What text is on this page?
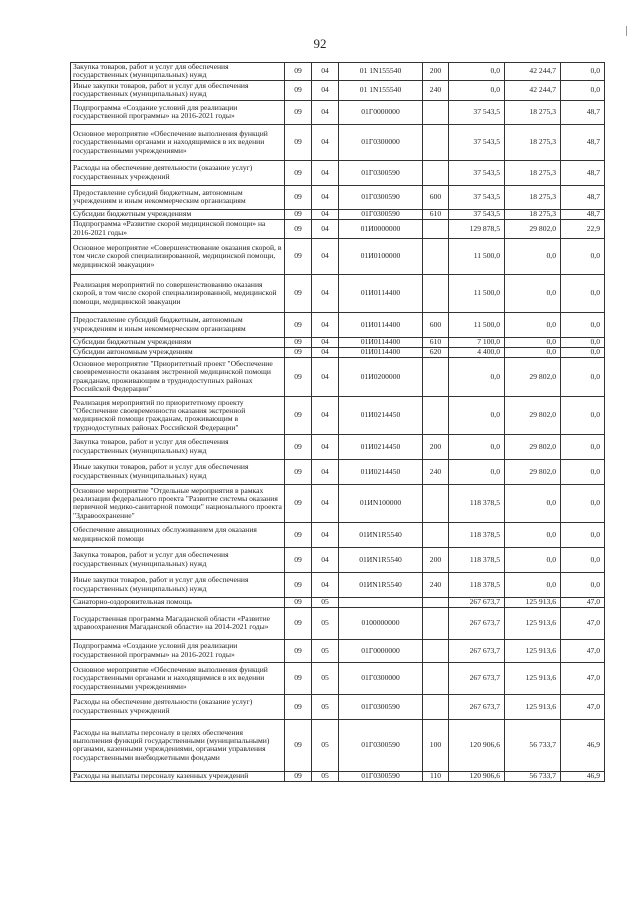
92
Закупка товаров, работ и услуг для обеспечения государственных (муниципальных) нужд	09	04	01 1N155540	200	0,0	42 244,7	0,0
Иные закупки товаров, работ и услуг для обеспечения государственных (муниципальных) нужд	09	04	01 1N155540	240	0,0	42 244,7	0,0
Подпрограмма «Создание условий для реализации государственной программы» на 2016-2021 годы»	09	04	01Г0000000		37 543,5	18 275,3	48,7
Основное мероприятие «Обеспечение выполнения функций государственными органами и находящимися в их ведении государственными учреждениями»	09	04	01Г0300000		37 543,5	18 275,3	48,7
Расходы на обеспечение деятельности (оказание услуг) государственных учреждений	09	04	01Г0300590		37 543,5	18 275,3	48,7
Предоставление субсидий бюджетным, автономным учреждениям и иным некоммерческим организациям	09	04	01Г0300590	600	37 543,5	18 275,3	48,7
Субсидии бюджетным учреждениям	09	04	01Г0300590	610	37 543,5	18 275,3	48,7
Подпрограмма «Развитие скорой медицинской помощи» на 2016-2021 годы»	09	04	01И0000000		129 878,5	29 802,0	22,9
Основное мероприятие «Совершенствование оказания скорой, в том числе скорой специализированной, медицинской помощи, медицинской эвакуации»	09	04	01И0100000		11 500,0	0,0	0,0
Реализация мероприятий по совершенствованию оказания скорой, в том числе скорой специализированной, медицинской помощи, медицинской эвакуации	09	04	01И0114400		11 500,0	0,0	0,0
Предоставление субсидий бюджетным, автономным учреждениям и иным некоммерческим организациям	09	04	01И0114400	600	11 500,0	0,0	0,0
Субсидии бюджетным учреждениям	09	04	01И0114400	610	7 100,0	0,0	0,0
Субсидии автономным учреждениям	09	04	01И0114400	620	4 400,0	0,0	0,0
Основное мероприятие "Приоритетный проект "Обеспечение своевременности оказания экстренной медицинской помощи гражданам, проживающим в труднодоступных районах Российской Федерации"	09	04	01И0200000		0,0	29 802,0	0,0
Реализация мероприятий по приоритетному проекту "Обеспечение своевременности оказания экстренной медицинской помощи гражданам, проживающим в труднодоступных районах Российской Федерации"	09	04	01И0214450		0,0	29 802,0	0,0
Закупка товаров, работ и услуг для обеспечения государственных (муниципальных) нужд	09	04	01И0214450	200	0,0	29 802,0	0,0
Иные закупки товаров, работ и услуг для обеспечения государственных (муниципальных) нужд	09	04	01И0214450	240	0,0	29 802,0	0,0
Основное мероприятие "Отдельные мероприятия в рамках реализации федерального проекта "Развитие системы оказания первичной медико-санитарной помощи" национального проекта "Здравоохранение"	09	04	01ИN100000		118 378,5	0,0	0,0
Обеспечение авиационных обслуживанием для оказания медицинской помощи	09	04	01ИN1R5540		118 378,5	0,0	0,0
Закупка товаров, работ и услуг для обеспечения государственных (муниципальных) нужд	09	04	01ИN1R5540	200	118 378,5	0,0	0,0
Иные закупки товаров, работ и услуг для обеспечения государственных (муниципальных) нужд	09	04	01ИN1R5540	240	118 378,5	0,0	0,0
Санаторно-оздоровительная помощь	09	05			267 673,7	125 913,6	47,0
Государственная программа Магаданской области «Развитие здравоохранения Магаданской области» на 2014-2021 годы»	09	05	0100000000		267 673,7	125 913,6	47,0
Подпрограмма «Создание условий для реализации государственной программы» на 2016-2021 годы»	09	05	01Г0000000		267 673,7	125 913,6	47,0
Основное мероприятие «Обеспечение выполнения функций государственными органами и находящимися в их ведении государственными учреждениями»	09	05	01Г0300000		267 673,7	125 913,6	47,0
Расходы на обеспечение деятельности (оказание услуг) государственных учреждений	09	05	01Г0300590		267 673,7	125 913,6	47,0
Расходы на выплаты персоналу в целях обеспечения выполнения функций государственными (муниципальными) органами, казенными учреждениями, органами управления государственными внебюджетными фондами	09	05	01Г0300590	100	120 906,6	56 733,7	46,9
Расходы на выплаты персоналу казенных учреждений	09	05	01Г0300590	110	120 906,6	56 733,7	46,9
